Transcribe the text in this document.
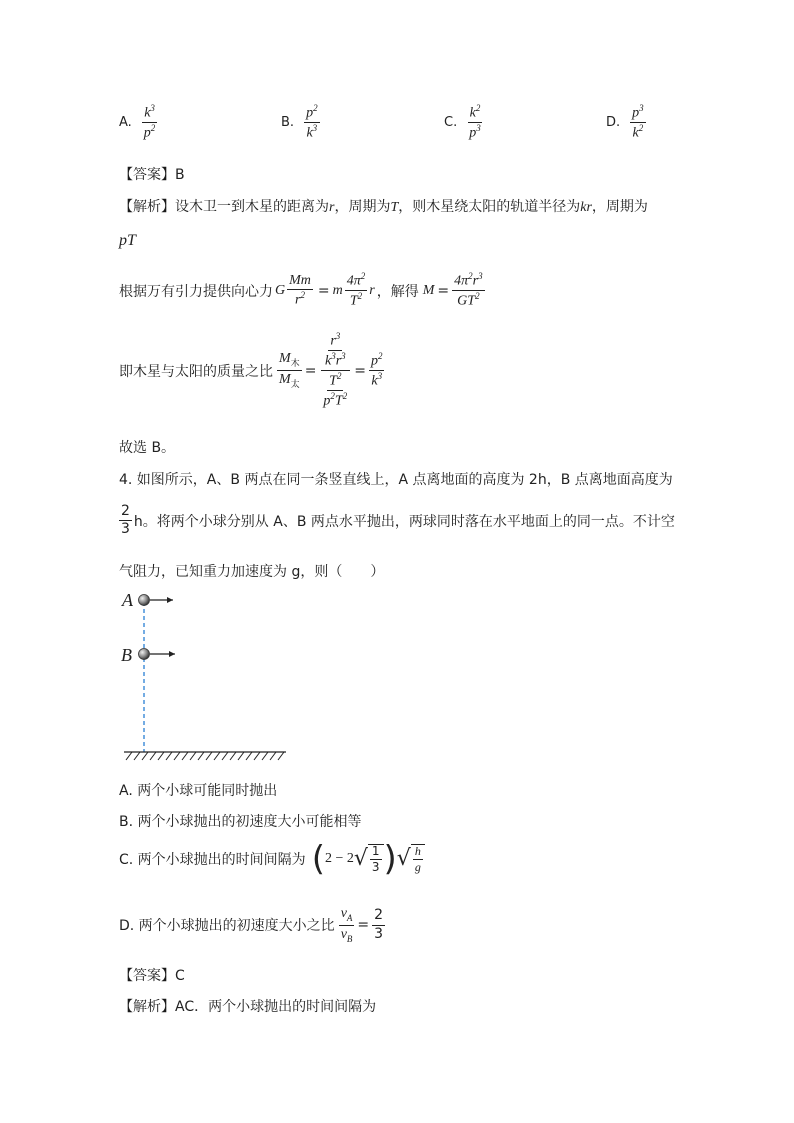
A. $\frac{k^3}{p^2}$	B. $\frac{p^2}{k^3}$	C. $\frac{k^2}{p^3}$	D. $\frac{p^3}{k^2}$
【答案】B
【解析】设木卫一到木星的距离为r，周期为T，则木星绕太阳的轨道半径为kr，周期为
pT
根据万有引力提供向心力 G $\frac{Mm}{r^2} = m \frac{4\pi^2}{T^2}$ r ，解得 $M = \frac{4\pi^2r^3}{GT^2}$
即木星与太阳的质量之比 $\frac{M_木}{M_太} = \frac{\frac{r^3}{k^3r^3}}{\frac{T^2}{p^2T^2}} = \frac{p^2}{k^3}$
故选 B。
4. 如图所示，A、B 两点在同一条竖直线上，A 点离地面的高度为 2h，B 点离地面高度为
$\frac{2}{3}$ h。将两个小球分别从 A、B 两点水平抛出，两球同时落在水平地面上的同一点。不计空
气阻力，已知重力加速度为 g，则（　　）
A
B
A. 两个小球可能同时抛出
B. 两个小球抛出的初速度大小可能相等
C. 两个小球抛出的时间间隔为 ( 2 − 2 √ $\frac{1}{3}$ ) √ $\frac{h}{g}$
D. 两个小球抛出的初速度大小之比 $\frac{v_A}{v_B} = \frac{2}{3}$
【答案】C
【解析】AC．两个小球抛出的时间间隔为
